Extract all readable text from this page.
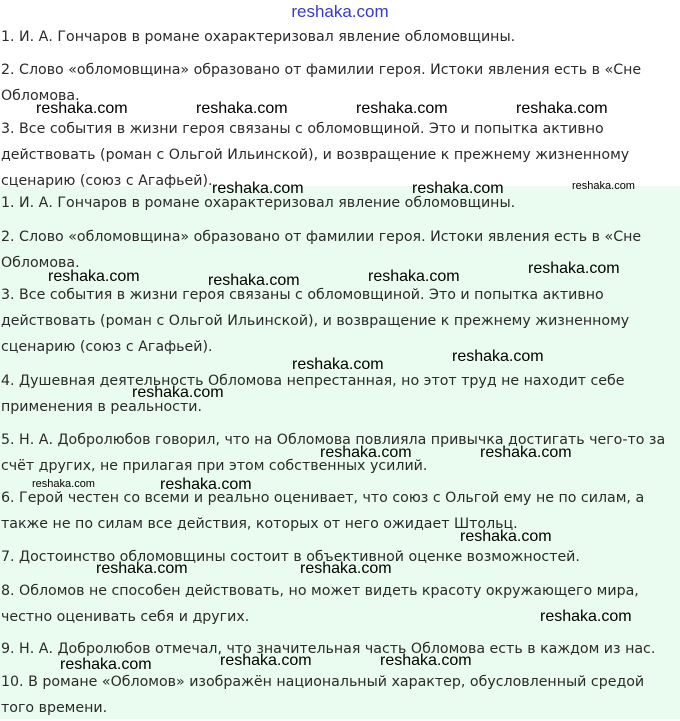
reshaka.com
1. И. А. Гончаров в романе охарактеризовал явление обломовщины.
2. Слово «обломовщина» образовано от фамилии героя. Истоки явления есть в «Сне Обломова.
3. Все события в жизни героя связаны с обломовщиной. Это и попытка активно действовать (роман с Ольгой Ильинской), и возвращение к прежнему жизненному сценарию (союз с Агафьей).
1. И. А. Гончаров в романе охарактеризовал явление обломовщины.
2. Слово «обломовщина» образовано от фамилии героя. Истоки явления есть в «Сне Обломова.
3. Все события в жизни героя связаны с обломовщиной. Это и попытка активно действовать (роман с Ольгой Ильинской), и возвращение к прежнему жизненному сценарию (союз с Агафьей).
4. Душевная деятельность Обломова непрестанная, но этот труд не находит себе применения в реальности.
5. Н. А. Добролюбов говорил, что на Обломова повлияла привычка достигать чего-то за счёт других, не прилагая при этом собственных усилий.
6. Герой честен со всеми и реально оценивает, что союз с Ольгой ему не по силам, а также не по силам все действия, которых от него ожидает Штольц.
7. Достоинство обломовщины состоит в объективной оценке возможностей.
8. Обломов не способен действовать, но может видеть красоту окружающего мира, честно оценивать себя и других.
9. Н. А. Добролюбов отмечал, что значительная часть Обломова есть в каждом из нас.
10. В романе «Обломов» изображён национальный характер, обусловленный средой того времени.
reshaka.com	reshaka.com	reshaka.com	reshaka.com
reshaka.com	reshaka.com	reshaka.com
reshaka.com	reshaka.com	reshaka.com	reshaka.com
reshaka.com	reshaka.com
reshaka.com
reshaka.com	reshaka.com
reshaka.com	reshaka.com
reshaka.com
reshaka.com	reshaka.com
reshaka.com
reshaka.com	reshaka.com	reshaka.com
